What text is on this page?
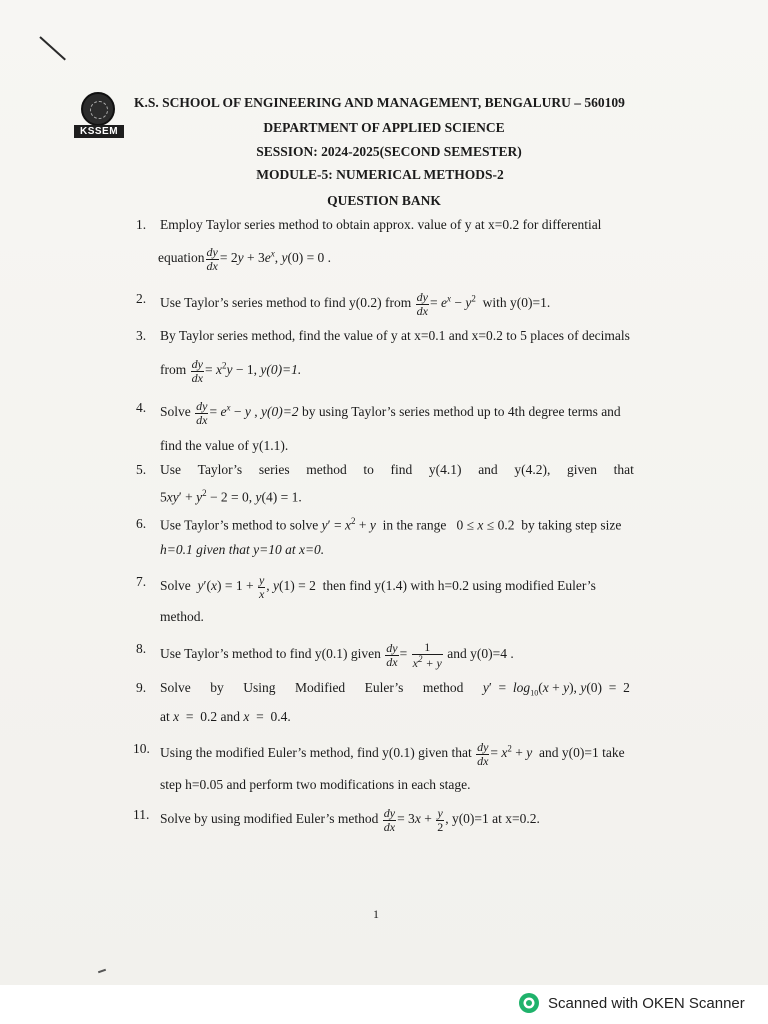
KSSEM
K.S. SCHOOL OF ENGINEERING AND MANAGEMENT, BENGALURU – 560109
DEPARTMENT OF APPLIED SCIENCE
SESSION: 2024-2025(SECOND SEMESTER)
MODULE-5: NUMERICAL METHODS-2
QUESTION BANK
1. Employ Taylor series method to obtain approx. value of y at x=0.2 for differential
equation $\frac{dy}{dx} = 2y + 3e^x$, y(0) = 0 .
2. Use Taylor’s series method to find y(0.2) from $\frac{dy}{dx} = e^x - y^2$ with y(0)=1.
3. By Taylor series method, find the value of y at x=0.1 and x=0.2 to 5 places of decimals
from $\frac{dy}{dx} = x^2y - 1$, y(0)=1.
4. Solve $\frac{dy}{dx} = e^x - y$ , y(0)=2 by using Taylor’s series method up to 4th degree terms and
find the value of y(1.1).
5. Use Taylor’s series method to find y(4.1) and y(4.2), given that
$5xy' + y^2 - 2 = 0$, y(4) = 1.
6. Use Taylor’s method to solve $y' = x^2 + y$ in the range   0 ≤ x ≤ 0.2  by taking step size
h=0.1 given that y=10 at x=0.
7. Solve $y'(x) = 1 + \frac{y}{x}$ , y(1) = 2  then find y(1.4) with h=0.2 using modified Euler’s
method.
8. Use Taylor’s method to find y(0.1) given $\frac{dy}{dx} = \frac{1}{x^2 + y}$ and y(0)=4 .
9. Solve by Using Modified Euler’s method $y' = \log_{10}(x + y)$, y(0)  =  2
at x  =  0.2 and x  =  0.4.
10. Using the modified Euler’s method, find y(0.1) given that $\frac{dy}{dx} = x^2 + y$ and y(0)=1 take
step h=0.05 and perform two modifications in each stage.
11. Solve by using modified Euler’s method $\frac{dy}{dx} = 3x + \frac{y}{2}$ , y(0)=1 at x=0.2.
1
Scanned with OKEN Scanner
